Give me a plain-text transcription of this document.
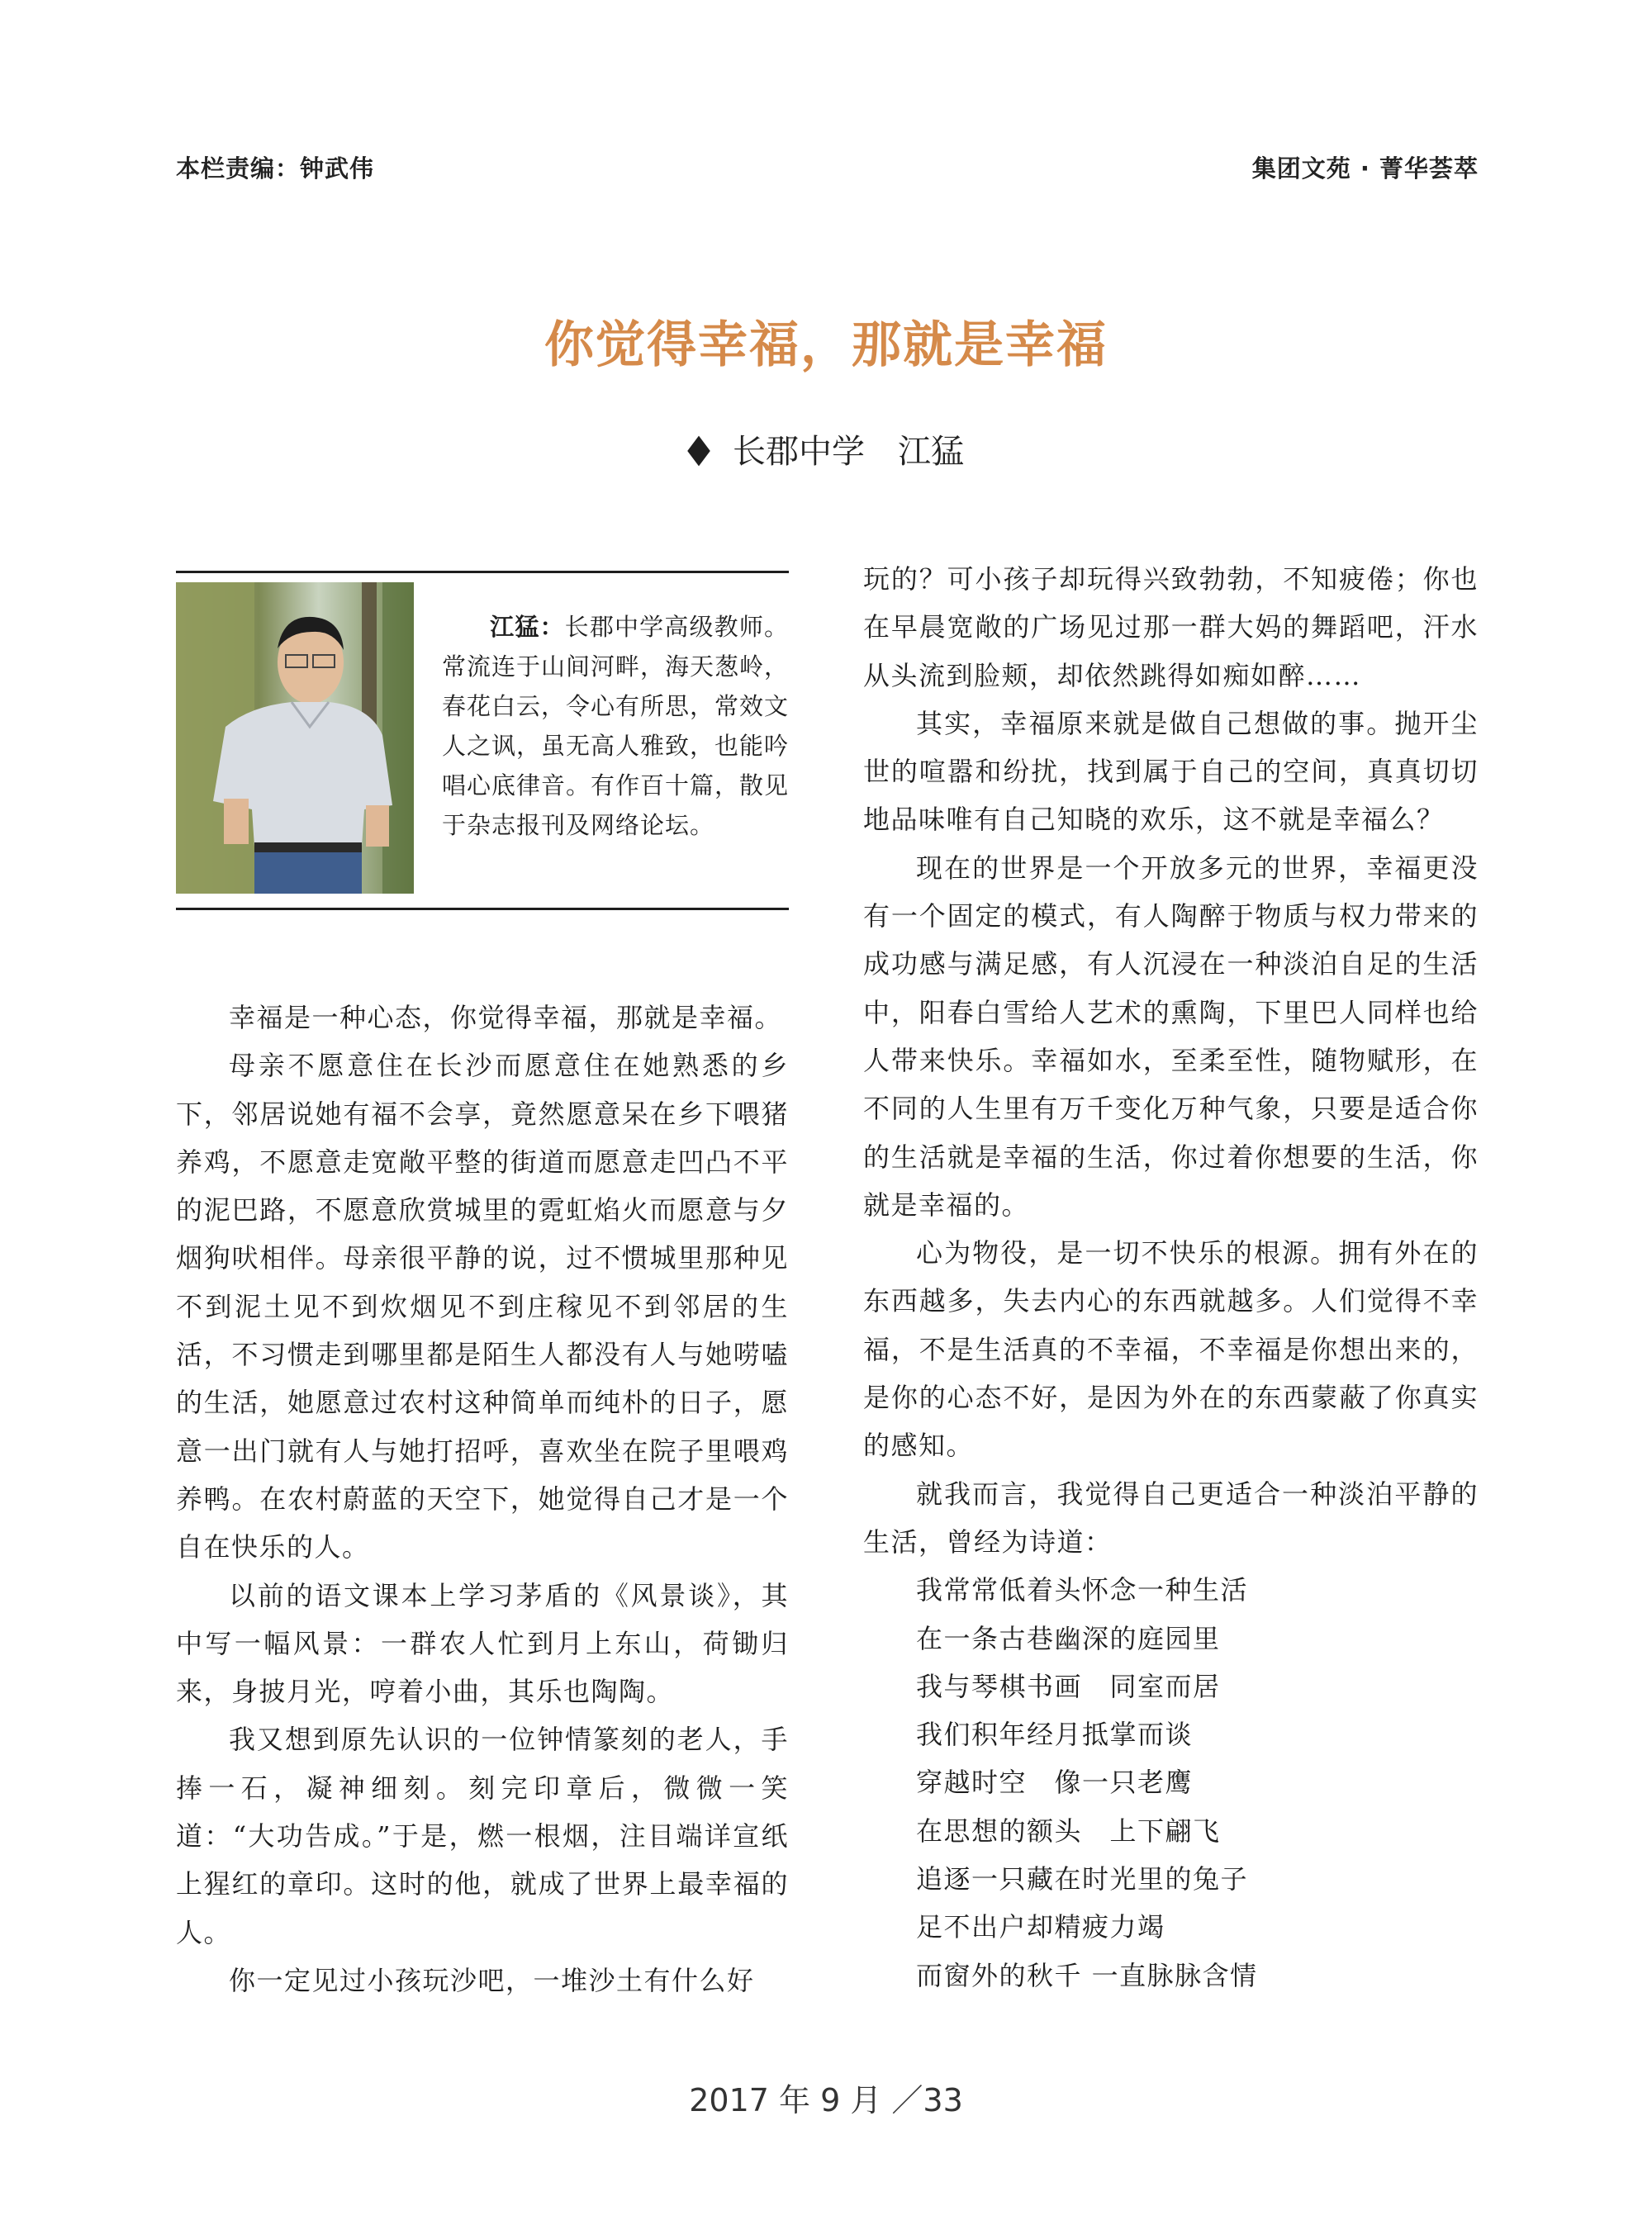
本栏责编：钟武伟	集团文苑 · 菁华荟萃
你觉得幸福，那就是幸福
长郡中学 江猛
江猛：长郡中学高级教师。常流连于山间河畔，海天葱岭，春花白云，令心有所思，常效文人之讽，虽无高人雅致，也能吟唱心底律音。有作百十篇，散见于杂志报刊及网络论坛。

幸福是一种心态，你觉得幸福，那就是幸福。

母亲不愿意住在长沙而愿意住在她熟悉的乡下，邻居说她有福不会享，竟然愿意呆在乡下喂猪养鸡，不愿意走宽敞平整的街道而愿意走凹凸不平的泥巴路，不愿意欣赏城里的霓虹焰火而愿意与夕烟狗吠相伴。母亲很平静的说，过不惯城里那种见不到泥土见不到炊烟见不到庄稼见不到邻居的生活，不习惯走到哪里都是陌生人都没有人与她唠嗑的生活，她愿意过农村这种简单而纯朴的日子，愿意一出门就有人与她打招呼，喜欢坐在院子里喂鸡养鸭。在农村蔚蓝的天空下，她觉得自己才是一个自在快乐的人。

以前的语文课本上学习茅盾的《风景谈》，其中写一幅风景：一群农人忙到月上东山，荷锄归来，身披月光，哼着小曲，其乐也陶陶。

我又想到原先认识的一位钟情篆刻的老人，手捧一石，凝神细刻。刻完印章后，微微一笑道：“大功告成。”于是，燃一根烟，注目端详宣纸上猩红的章印。这时的他，就成了世界上最幸福的人。

你一定见过小孩玩沙吧，一堆沙土有什么好

玩的？可小孩子却玩得兴致勃勃，不知疲倦；你也在早晨宽敞的广场见过那一群大妈的舞蹈吧，汗水从头流到脸颊，却依然跳得如痴如醉……

其实，幸福原来就是做自己想做的事。抛开尘世的喧嚣和纷扰，找到属于自己的空间，真真切切地品味唯有自己知晓的欢乐，这不就是幸福么？

现在的世界是一个开放多元的世界，幸福更没有一个固定的模式，有人陶醉于物质与权力带来的成功感与满足感，有人沉浸在一种淡泊自足的生活中，阳春白雪给人艺术的熏陶，下里巴人同样也给人带来快乐。幸福如水，至柔至性，随物赋形，在不同的人生里有万千变化万种气象，只要是适合你的生活就是幸福的生活，你过着你想要的生活，你就是幸福的。

心为物役，是一切不快乐的根源。拥有外在的东西越多，失去内心的东西就越多。人们觉得不幸福，不是生活真的不幸福，不幸福是你想出来的，是你的心态不好，是因为外在的东西蒙蔽了你真实的感知。

就我而言，我觉得自己更适合一种淡泊平静的生活，曾经为诗道：

我常常低着头怀念一种生活

在一条古巷幽深的庭园里

我与琴棋书画　同室而居

我们积年经月抵掌而谈

穿越时空　像一只老鹰

在思想的额头　上下翩飞

追逐一只藏在时光里的兔子

足不出户却精疲力竭

而窗外的秋千 一直脉脉含情

2017 年 9 月 ／33
